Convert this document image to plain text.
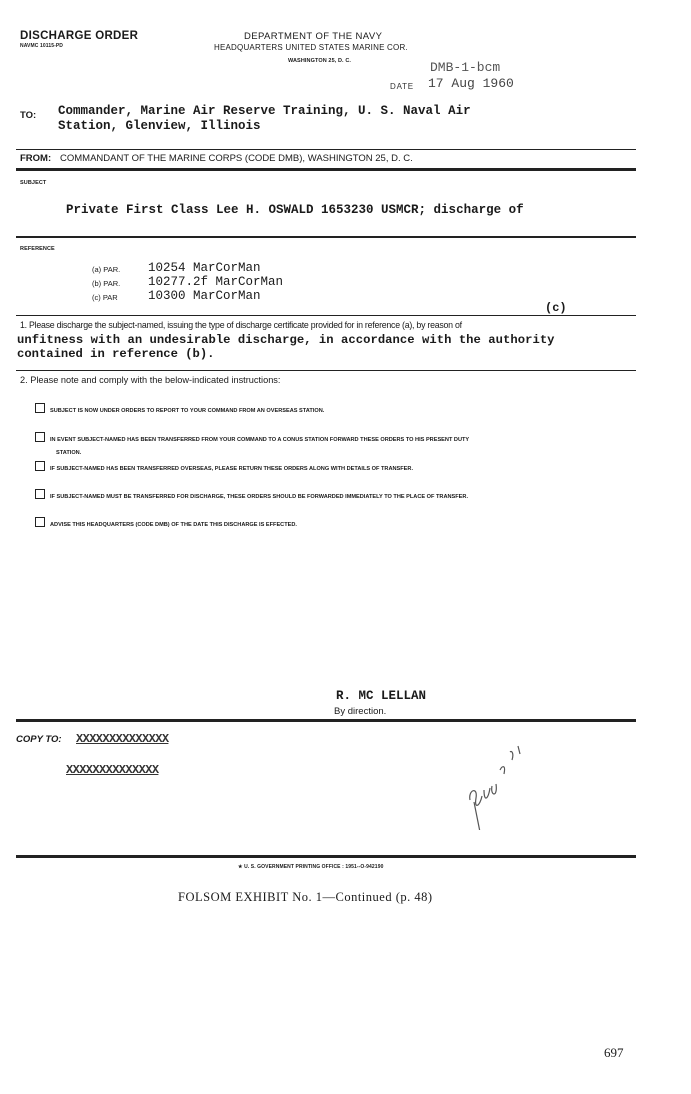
DISCHARGE ORDER
NAVMC 10115-PD
DEPARTMENT OF THE NAVY
HEADQUARTERS UNITED STATES MARINE COR.
WASHINGTON 25, D. C.	DMB-1-bcm
DATE 17 Aug 1960
TO: Commander, Marine Air Reserve Training, U. S. Naval Air
Station, Glenview, Illinois
FROM: COMMANDANT OF THE MARINE CORPS (CODE DMB), WASHINGTON 25, D. C.
SUBJECT
Private First Class Lee H. OSWALD 1653230 USMCR; discharge of
REFERENCE
(a) PAR. 10254 MarCorMan
(b) PAR. 10277.2f MarCorMan
(c) PAR 10300 MarCorMan
(c)
1. Please discharge the subject-named, issuing the type of discharge certificate provided for in reference (a), by reason of
unfitness with an undesirable discharge, in accordance with the authority
contained in reference (b).
2. Please note and comply with the below-indicated instructions:
SUBJECT IS NOW UNDER ORDERS TO REPORT TO YOUR COMMAND FROM AN OVERSEAS STATION.
IN EVENT SUBJECT-NAMED HAS BEEN TRANSFERRED FROM YOUR COMMAND TO A CONUS STATION FORWARD THESE ORDERS TO HIS PRESENT DUTY
STATION.
IF SUBJECT-NAMED HAS BEEN TRANSFERRED OVERSEAS, PLEASE RETURN THESE ORDERS ALONG WITH DETAILS OF TRANSFER.
IF SUBJECT-NAMED MUST BE TRANSFERRED FOR DISCHARGE, THESE ORDERS SHOULD BE FORWARDED IMMEDIATELY TO THE PLACE OF TRANSFER.
ADVISE THIS HEADQUARTERS (CODE DMB) OF THE DATE THIS DISCHARGE IS EFFECTED.
R. MC LELLAN
By direction.
COPY TO: XXXXXXXXXXXXXX
XXXXXXXXXXXXXX
★ U. S. GOVERNMENT PRINTING OFFICE : 1951--O-942190
FOLSOM EXHIBIT No. 1—Continued (p. 48)
697
